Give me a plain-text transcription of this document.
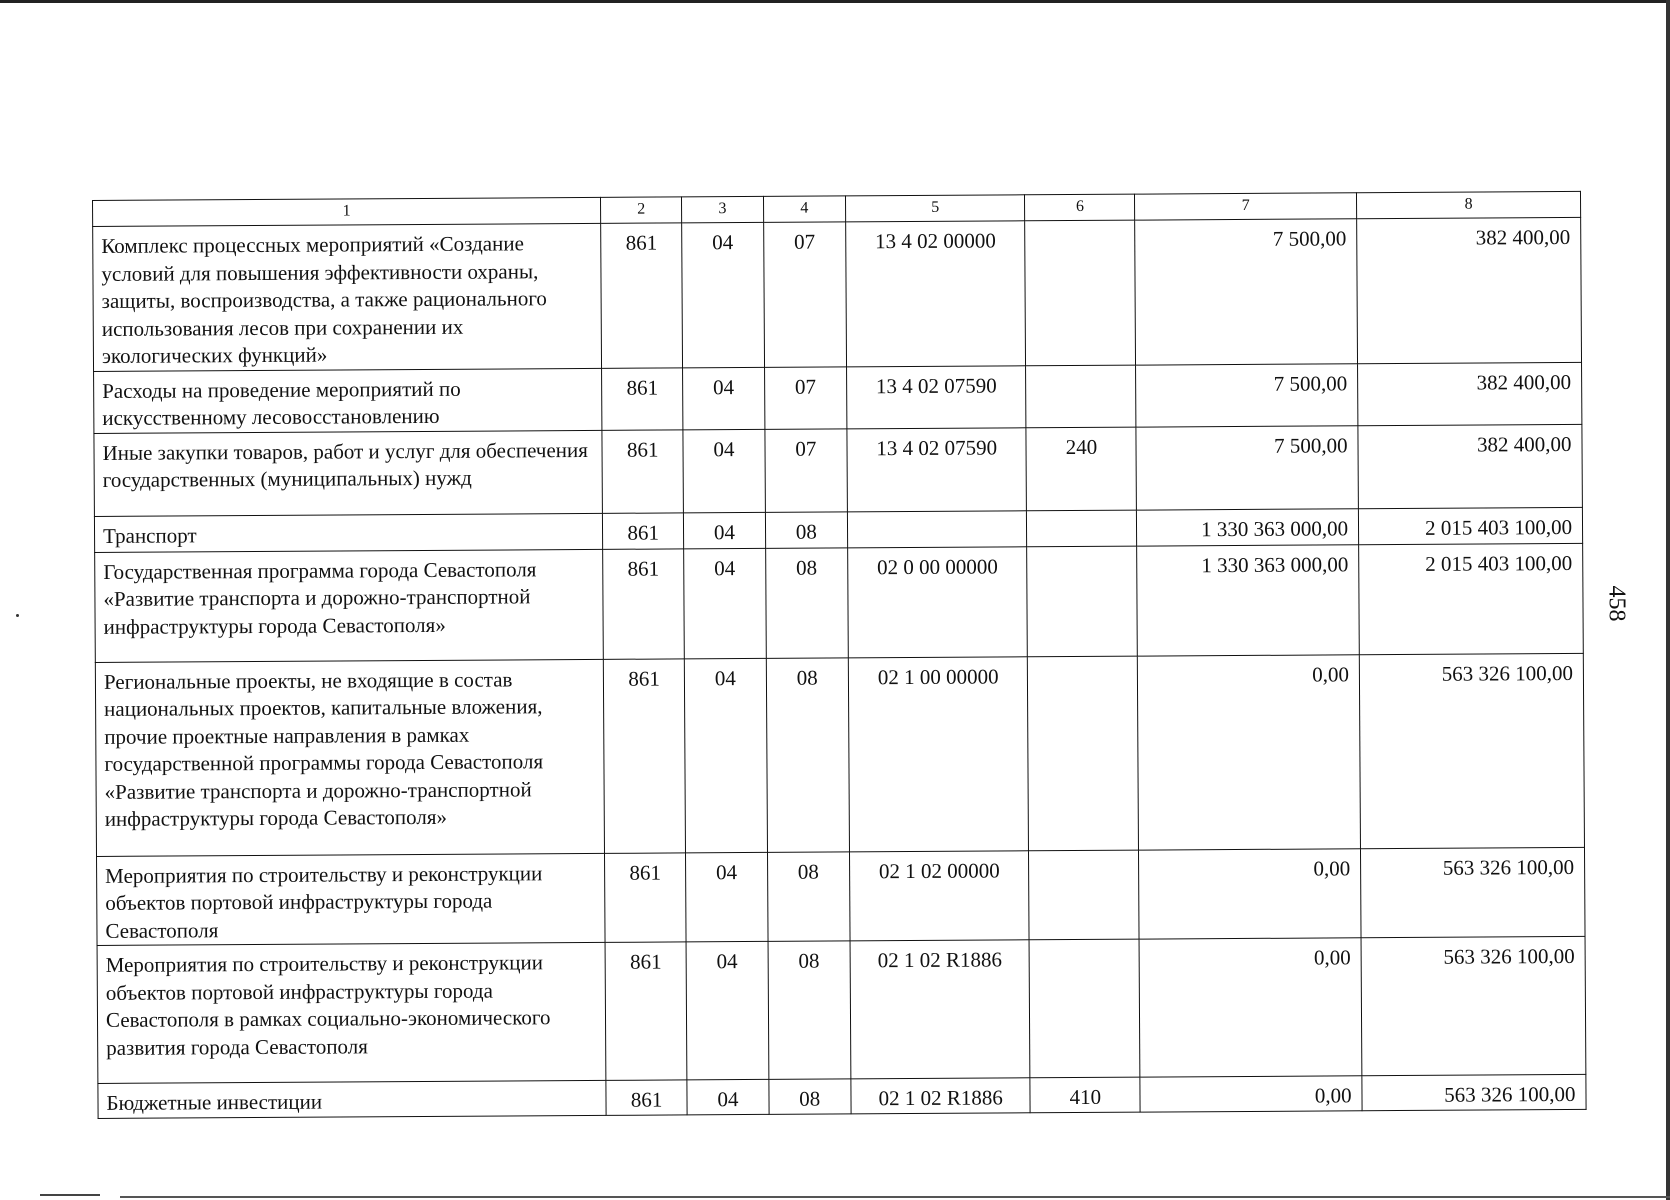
458
1	2	3	4	5	6	7	8
Комплекс процессных мероприятий «Создание условий для повышения эффективности охраны, защиты, воспроизводства, а также рационального использования лесов при сохранении их экологических функций»	861	04	07	13 4 02 00000		7 500,00	382 400,00
Расходы на проведение мероприятий по искусственному лесовосстановлению	861	04	07	13 4 02 07590		7 500,00	382 400,00
Иные закупки товаров, работ и услуг для обеспечения государственных (муниципальных) нужд	861	04	07	13 4 02 07590	240	7 500,00	382 400,00
Транспорт	861	04	08			1 330 363 000,00	2 015 403 100,00
Государственная программа города Севастополя «Развитие транспорта и дорожно-транспортной инфраструктуры города Севастополя»	861	04	08	02 0 00 00000		1 330 363 000,00	2 015 403 100,00
Региональные проекты, не входящие в состав национальных проектов, капитальные вложения, прочие проектные направления в рамках государственной программы города Севастополя «Развитие транспорта и дорожно-транспортной инфраструктуры города Севастополя»	861	04	08	02 1 00 00000		0,00	563 326 100,00
Мероприятия по строительству и реконструкции объектов портовой инфраструктуры города Севастополя	861	04	08	02 1 02 00000		0,00	563 326 100,00
Мероприятия по строительству и реконструкции объектов портовой инфраструктуры города Севастополя в рамках социально-экономического развития города Севастополя	861	04	08	02 1 02 R1886		0,00	563 326 100,00
Бюджетные инвестиции	861	04	08	02 1 02 R1886	410	0,00	563 326 100,00
